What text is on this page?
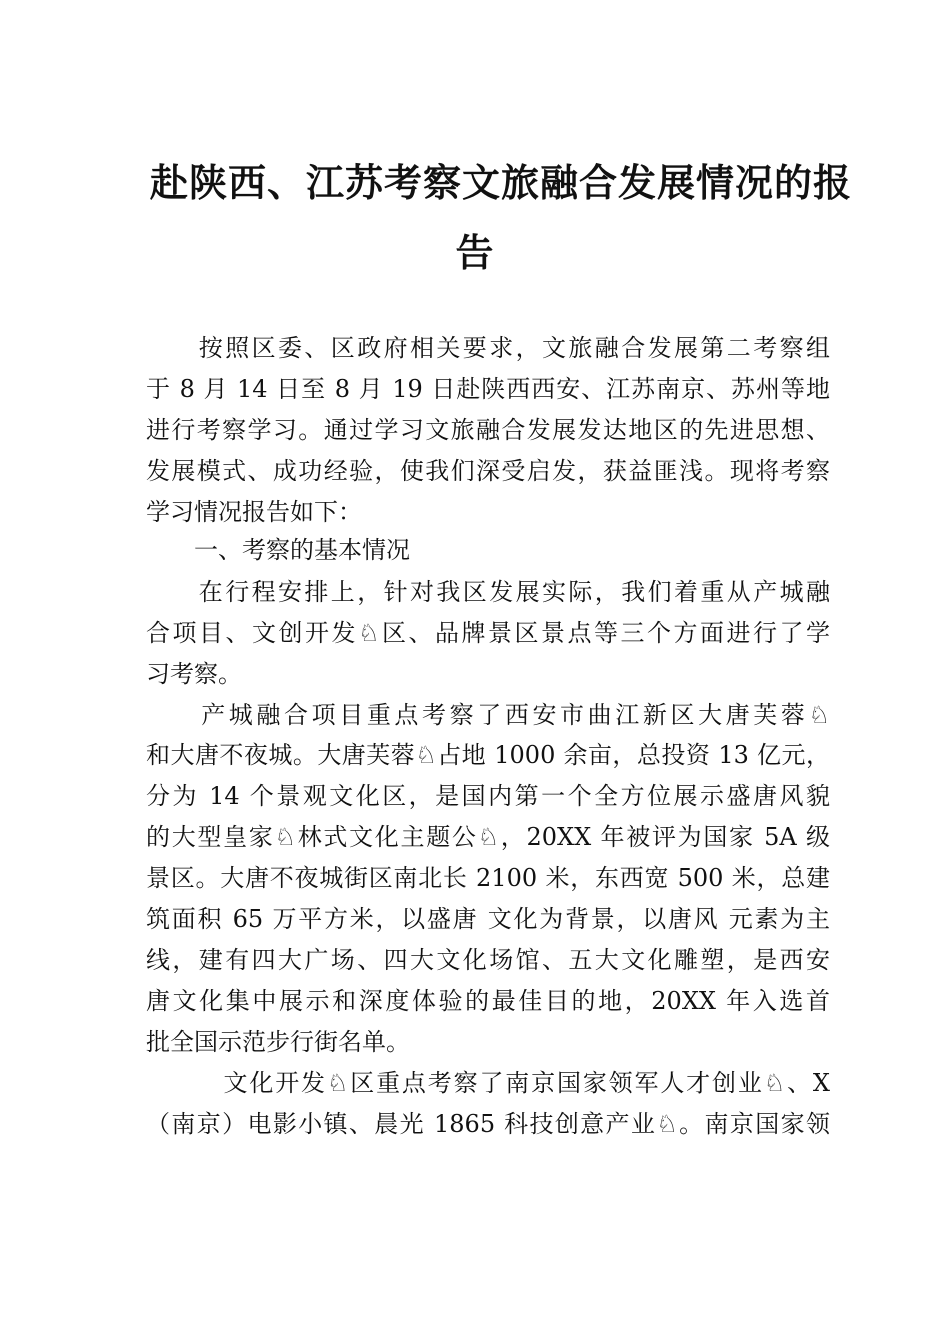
赴陕西、江苏考察文旅融合发展情况的报
告
　　按照区委、区政府相关要求，文旅融合发展第二考察组
于 8 月 14 日至 8 月 19 日赴陕西西安、江苏南京、苏州等地
进行考察学习。通过学习文旅融合发展发达地区的先进思想、
发展模式、成功经验，使我们深受启发，获益匪浅。现将考察
学习情况报告如下：
　　一、考察的基本情况
　　在行程安排上，针对我区发展实际，我们着重从产城融
合项目、文创开发♘区、品牌景区景点等三个方面进行了学
习考察。
　　产城融合项目重点考察了西安市曲江新区大唐芙蓉♘
和大唐不夜城。大唐芙蓉♘占地 1000 余亩，总投资 13 亿元，
分为 14 个景观文化区，是国内第一个全方位展示盛唐风貌
的大型皇家♘林式文化主题公♘，20XX 年被评为国家 5A 级
景区。大唐不夜城街区南北长 2100 米，东西宽 500 米，总建
筑面积 65 万平方米，以盛唐 文化为背景，以唐风 元素为主
线，建有四大广场、四大文化场馆、五大文化雕塑，是西安
唐文化集中展示和深度体验的最佳目的地，20XX 年入选首
批全国示范步行街名单。
　　　文化开发♘区重点考察了南京国家领军人才创业♘、X
（南京）电影小镇、晨光 1865 科技创意产业♘。南京国家领
